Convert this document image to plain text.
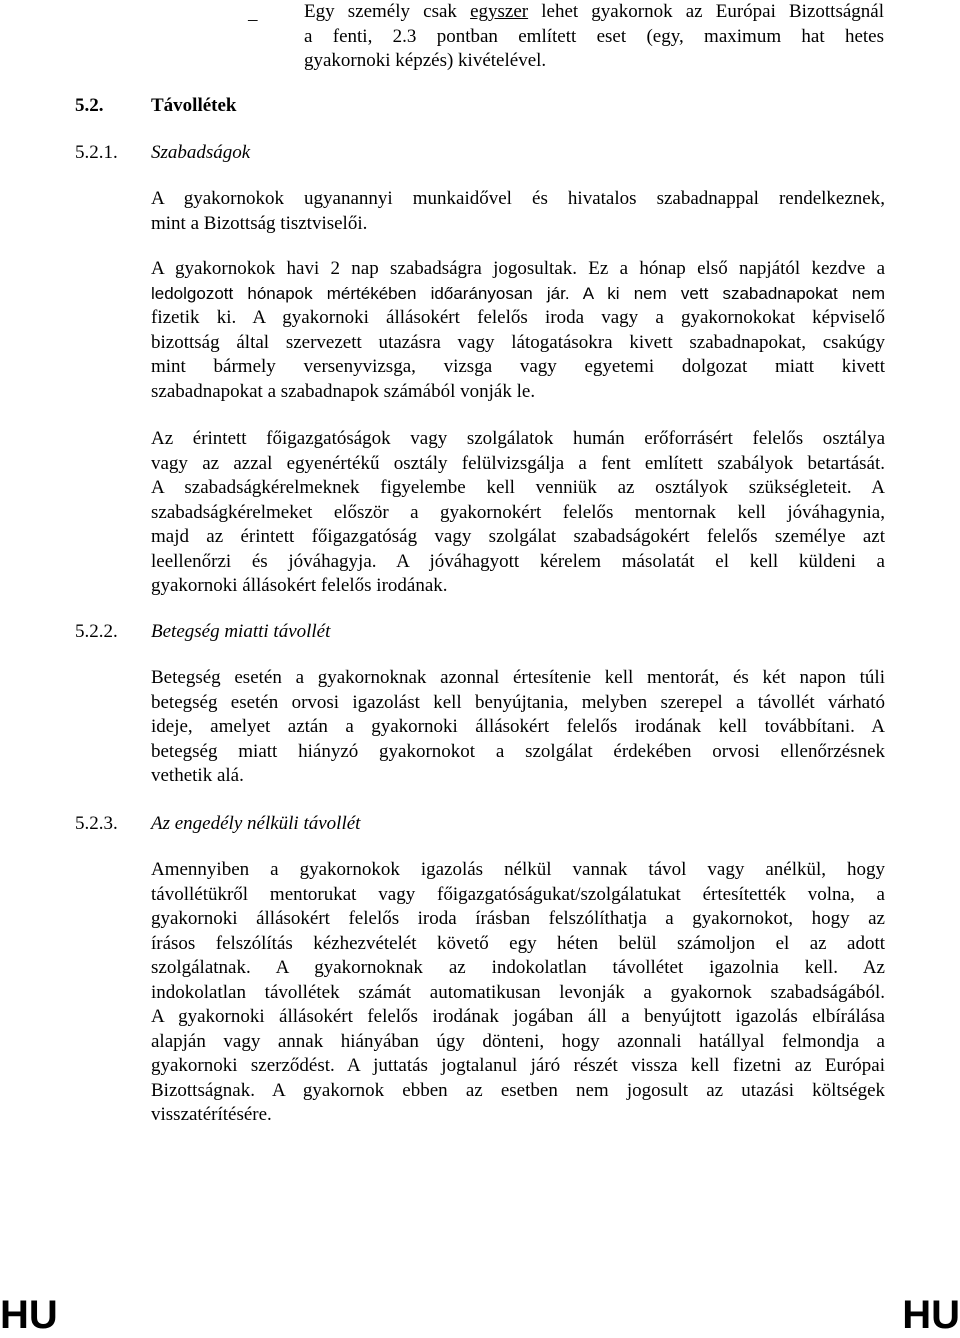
– Egy személy csak egyszer lehet gyakornok az Európai Bizottságnál
a fenti, 2.3 pontban említett eset (egy, maximum hat hetes
gyakornoki képzés) kivételével.
5.2.	Távollétek
5.2.1. Szabadságok
A gyakornokok ugyanannyi munkaidővel és hivatalos szabadnappal rendelkeznek,
mint a Bizottság tisztviselői.
A gyakornokok havi 2 nap szabadságra jogosultak. Ez a hónap első napjától kezdve a
ledolgozott hónapok mértékében időarányosan jár. A ki nem vett szabadnapokat nem
fizetik ki. A gyakornoki állásokért felelős iroda vagy a gyakornokokat képviselő
bizottság által szervezett utazásra vagy látogatásokra kivett szabadnapokat, csakúgy
mint bármely versenyvizsga, vizsga vagy egyetemi dolgozat miatt kivett
szabadnapokat a szabadnapok számából vonják le.
Az érintett főigazgatóságok vagy szolgálatok humán erőforrásért felelős osztálya
vagy az azzal egyenértékű osztály felülvizsgálja a fent említett szabályok betartását.
A szabadságkérelmeknek figyelembe kell venniük az osztályok szükségleteit. A
szabadságkérelmeket először a gyakornokért felelős mentornak kell jóváhagynia,
majd az érintett főigazgatóság vagy szolgálat szabadságokért felelős személye azt
leellenőrzi és jóváhagyja. A jóváhagyott kérelem másolatát el kell küldeni a
gyakornoki állásokért felelős irodának.
5.2.2. Betegség miatti távollét
Betegség esetén a gyakornoknak azonnal értesítenie kell mentorát, és két napon túli
betegség esetén orvosi igazolást kell benyújtania, melyben szerepel a távollét várható
ideje, amelyet aztán a gyakornoki állásokért felelős irodának kell továbbítani. A
betegség miatt hiányzó gyakornokot a szolgálat érdekében orvosi ellenőrzésnek
vethetik alá.
5.2.3. Az engedély nélküli távollét
Amennyiben a gyakornokok igazolás nélkül vannak távol vagy anélkül, hogy
távollétükről mentorukat vagy főigazgatóságukat/szolgálatukat értesítették volna, a
gyakornoki állásokért felelős iroda írásban felszólíthatja a gyakornokot, hogy az
írásos felszólítás kézhezvételét követő egy héten belül számoljon el az adott
szolgálatnak. A gyakornoknak az indokolatlan távollétet igazolnia kell. Az
indokolatlan távollétek számát automatikusan levonják a gyakornok szabadságából.
A gyakornoki állásokért felelős irodának jogában áll a benyújtott igazolás elbírálása
alapján vagy annak hiányában úgy dönteni, hogy azonnali hatállyal felmondja a
gyakornoki szerződést. A juttatás jogtalanul járó részét vissza kell fizetni az Európai
Bizottságnak. A gyakornok ebben az esetben nem jogosult az utazási költségek
visszatérítésére.
HU	HU
